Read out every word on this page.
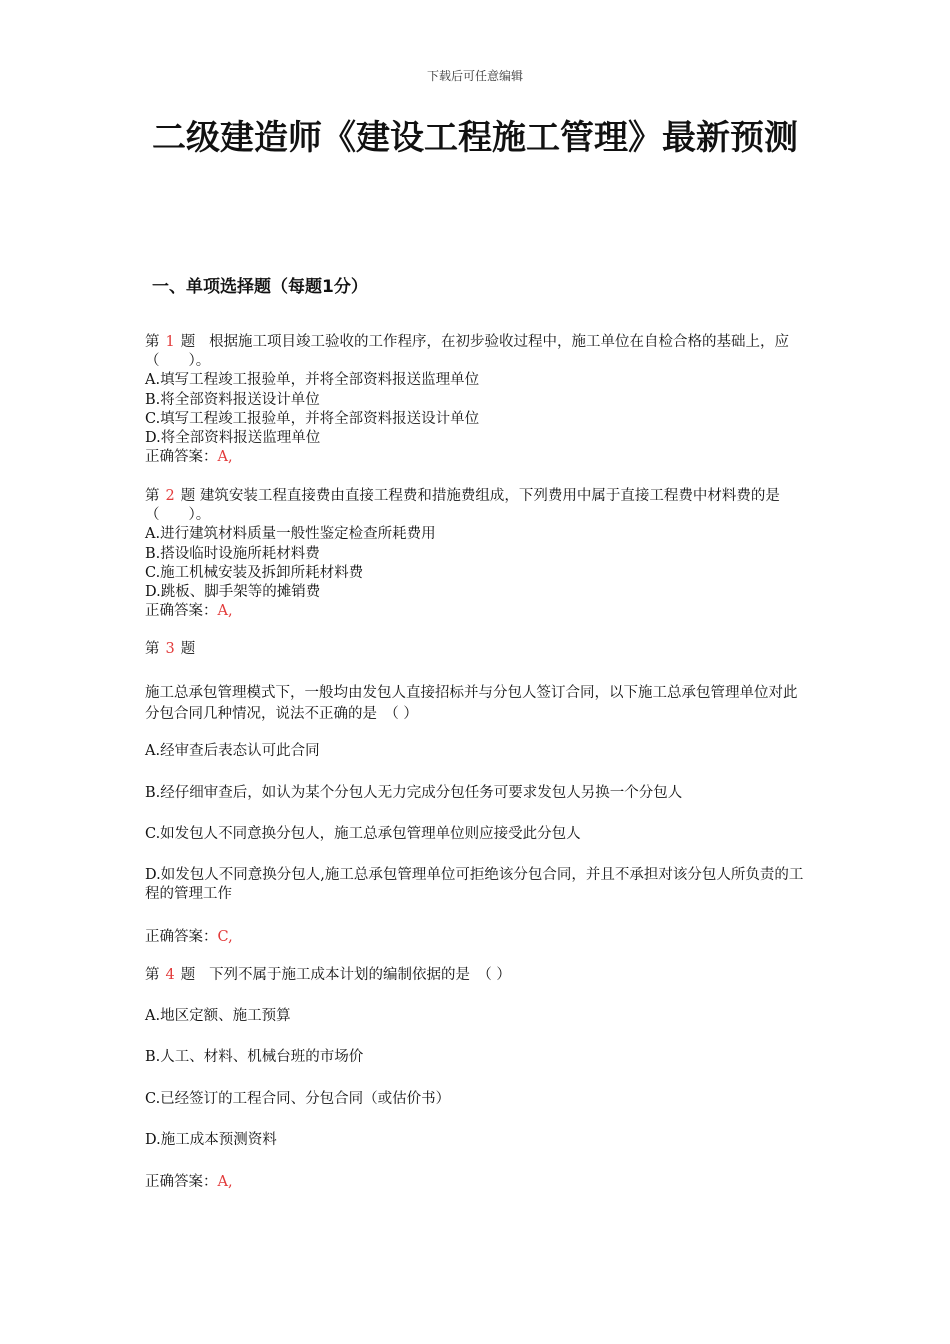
下载后可任意编辑
二级建造师《建设工程施工管理》最新预测
一、单项选择题（每题1分）
第 1 题 根据施工项目竣工验收的工作程序，在初步验收过程中，施工单位在自检合格的基础上，应（　　）。
A.填写工程竣工报验单，并将全部资料报送监理单位
B.将全部资料报送设计单位
C.填写工程竣工报验单，并将全部资料报送设计单位
D.将全部资料报送监理单位
正确答案：A,
第 2 题 建筑安装工程直接费由直接工程费和措施费组成，下列费用中属于直接工程费中材料费的是（　　）。
A.进行建筑材料质量一般性鉴定检查所耗费用
B.搭设临时设施所耗材料费
C.施工机械安装及拆卸所耗材料费
D.跳板、脚手架等的摊销费
正确答案：A,
第 3 题
施工总承包管理模式下，一般均由发包人直接招标并与分包人签订合同，以下施工总承包管理单位对此分包合同几种情况，说法不正确的是　（ ）
A.经审查后表态认可此合同
B.经仔细审查后，如认为某个分包人无力完成分包任务可要求发包人另换一个分包人
C.如发包人不同意换分包人，施工总承包管理单位则应接受此分包人
D.如发包人不同意换分包人,施工总承包管理单位可拒绝该分包合同，并且不承担对该分包人所负责的工程的管理工作
正确答案：C,
第 4 题 下列不属于施工成本计划的编制依据的是　（ ）
A.地区定额、施工预算
B.人工、材料、机械台班的市场价
C.已经签订的工程合同、分包合同（或估价书）
D.施工成本预测资料
正确答案：A,
